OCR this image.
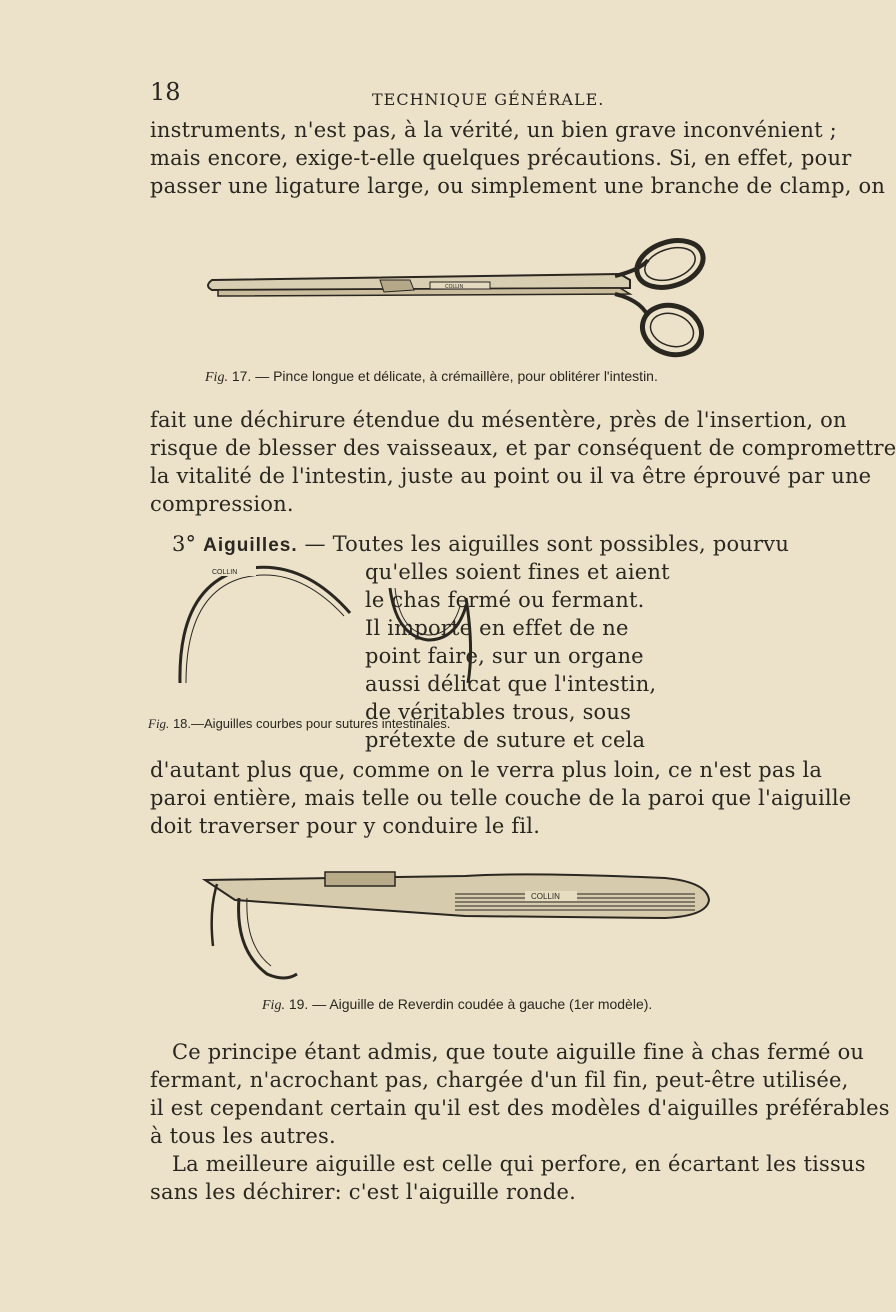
18	TECHNIQUE GÉNÉRALE.
instruments, n'est pas, à la vérité, un bien grave inconvénient ;
mais encore, exige-t-elle quelques précautions. Si, en effet, pour
passer une ligature large, ou simplement une branche de clamp, on
COLLIN
Fig. 17. — Pince longue et délicate, à crémaillère, pour oblitérer l'intestin.
fait une déchirure étendue du mésentère, près de l'insertion, on
risque de blesser des vaisseaux, et par conséquent de compromettre
la vitalité de l'intestin, juste au point ou il va être éprouvé par une
compression.
3° Aiguilles. — Toutes les aiguilles sont possibles, pourvu
COLLIN	qu'elles soient fines et aient
le chas fermé ou fermant.
Il importe en effet de ne
point faire, sur un organe
aussi délicat que l'intestin,
de véritables trous, sous
prétexte de suture et cela
Fig. 18.—Aiguilles courbes pour sutures intestinales.
d'autant plus que, comme on le verra plus loin, ce n'est pas la
paroi entière, mais telle ou telle couche de la paroi que l'aiguille
doit traverser pour y conduire le fil.
COLLIN
Fig. 19. — Aiguille de Reverdin coudée à gauche (1er modèle).
Ce principe étant admis, que toute aiguille fine à chas fermé ou
fermant, n'acrochant pas, chargée d'un fil fin, peut-être utilisée,
il est cependant certain qu'il est des modèles d'aiguilles préférables
à tous les autres.
La meilleure aiguille est celle qui perfore, en écartant les tissus
sans les déchirer: c'est l'aiguille ronde.
